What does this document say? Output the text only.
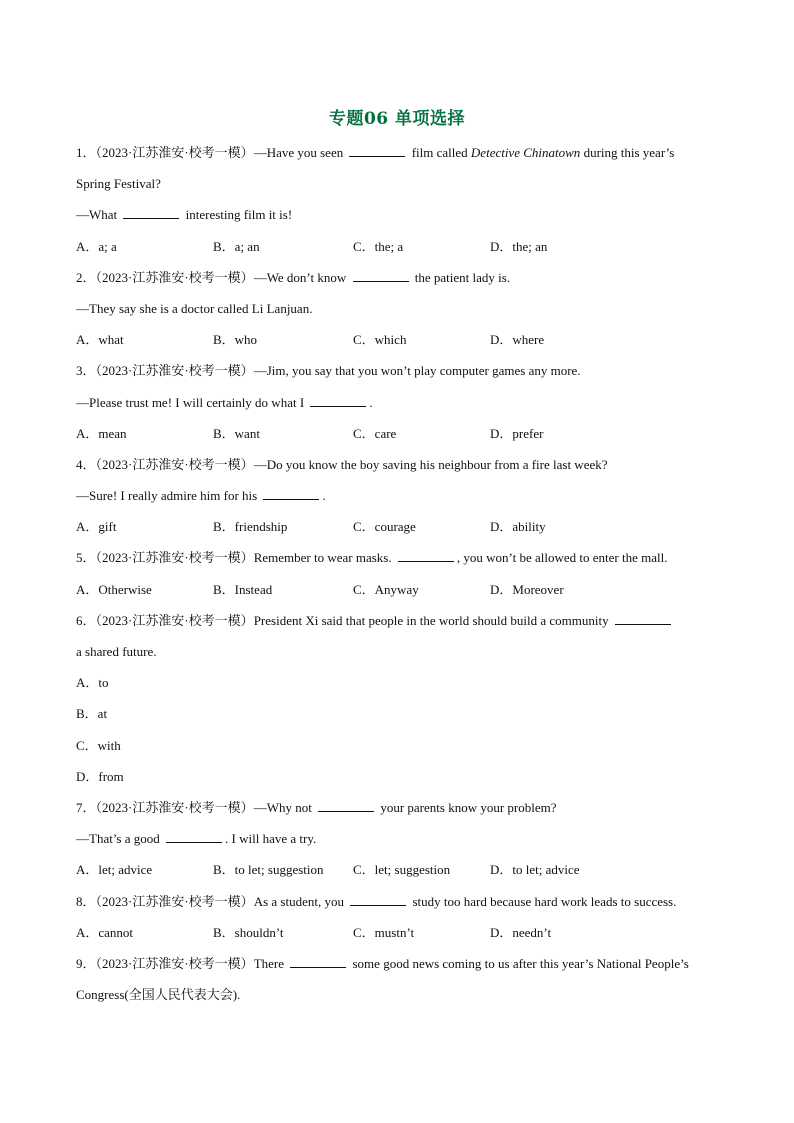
专题06 单项选择
1．（2023·江苏淮安·校考一模）—Have you seen	film called Detective Chinatown during this year’s
Spring Festival?
—What	interesting film it is!
A．a; a	B．a; an	C．the; a	D．the; an
2．（2023·江苏淮安·校考一模）—We don’t know	the patient lady is.
—They say she is a doctor called Li Lanjuan.
A．what	B．who	C．which	D．where
3．（2023·江苏淮安·校考一模）—Jim, you say that you won’t play computer games any more.
—Please trust me! I will certainly do what I	.
A．mean	B．want	C．care	D．prefer
4．（2023·江苏淮安·校考一模）—Do you know the boy saving his neighbour from a fire last week?
—Sure! I really admire him for his	.
A．gift	B．friendship	C．courage	D．ability
5．（2023·江苏淮安·校考一模）Remember to wear masks.	, you won’t be allowed to enter the mall.
A．Otherwise	B．Instead	C．Anyway	D．Moreover
6．（2023·江苏淮安·校考一模）President Xi said that people in the world should build a community
a shared future.
A．to
B．at
C．with
D．from
7．（2023·江苏淮安·校考一模）—Why not	your parents know your problem?
—That’s a good	. I will have a try.
A．let; advice	B．to let; suggestion C．let; suggestion	D．to let; advice
8．（2023·江苏淮安·校考一模）As a student, you	study too hard because hard work leads to success.
A．cannot	B．shouldn’t	C．mustn’t	D．needn’t
9．（2023·江苏淮安·校考一模）There	some good news coming to us after this year’s National People’s
Congress(全国人民代表大会).
